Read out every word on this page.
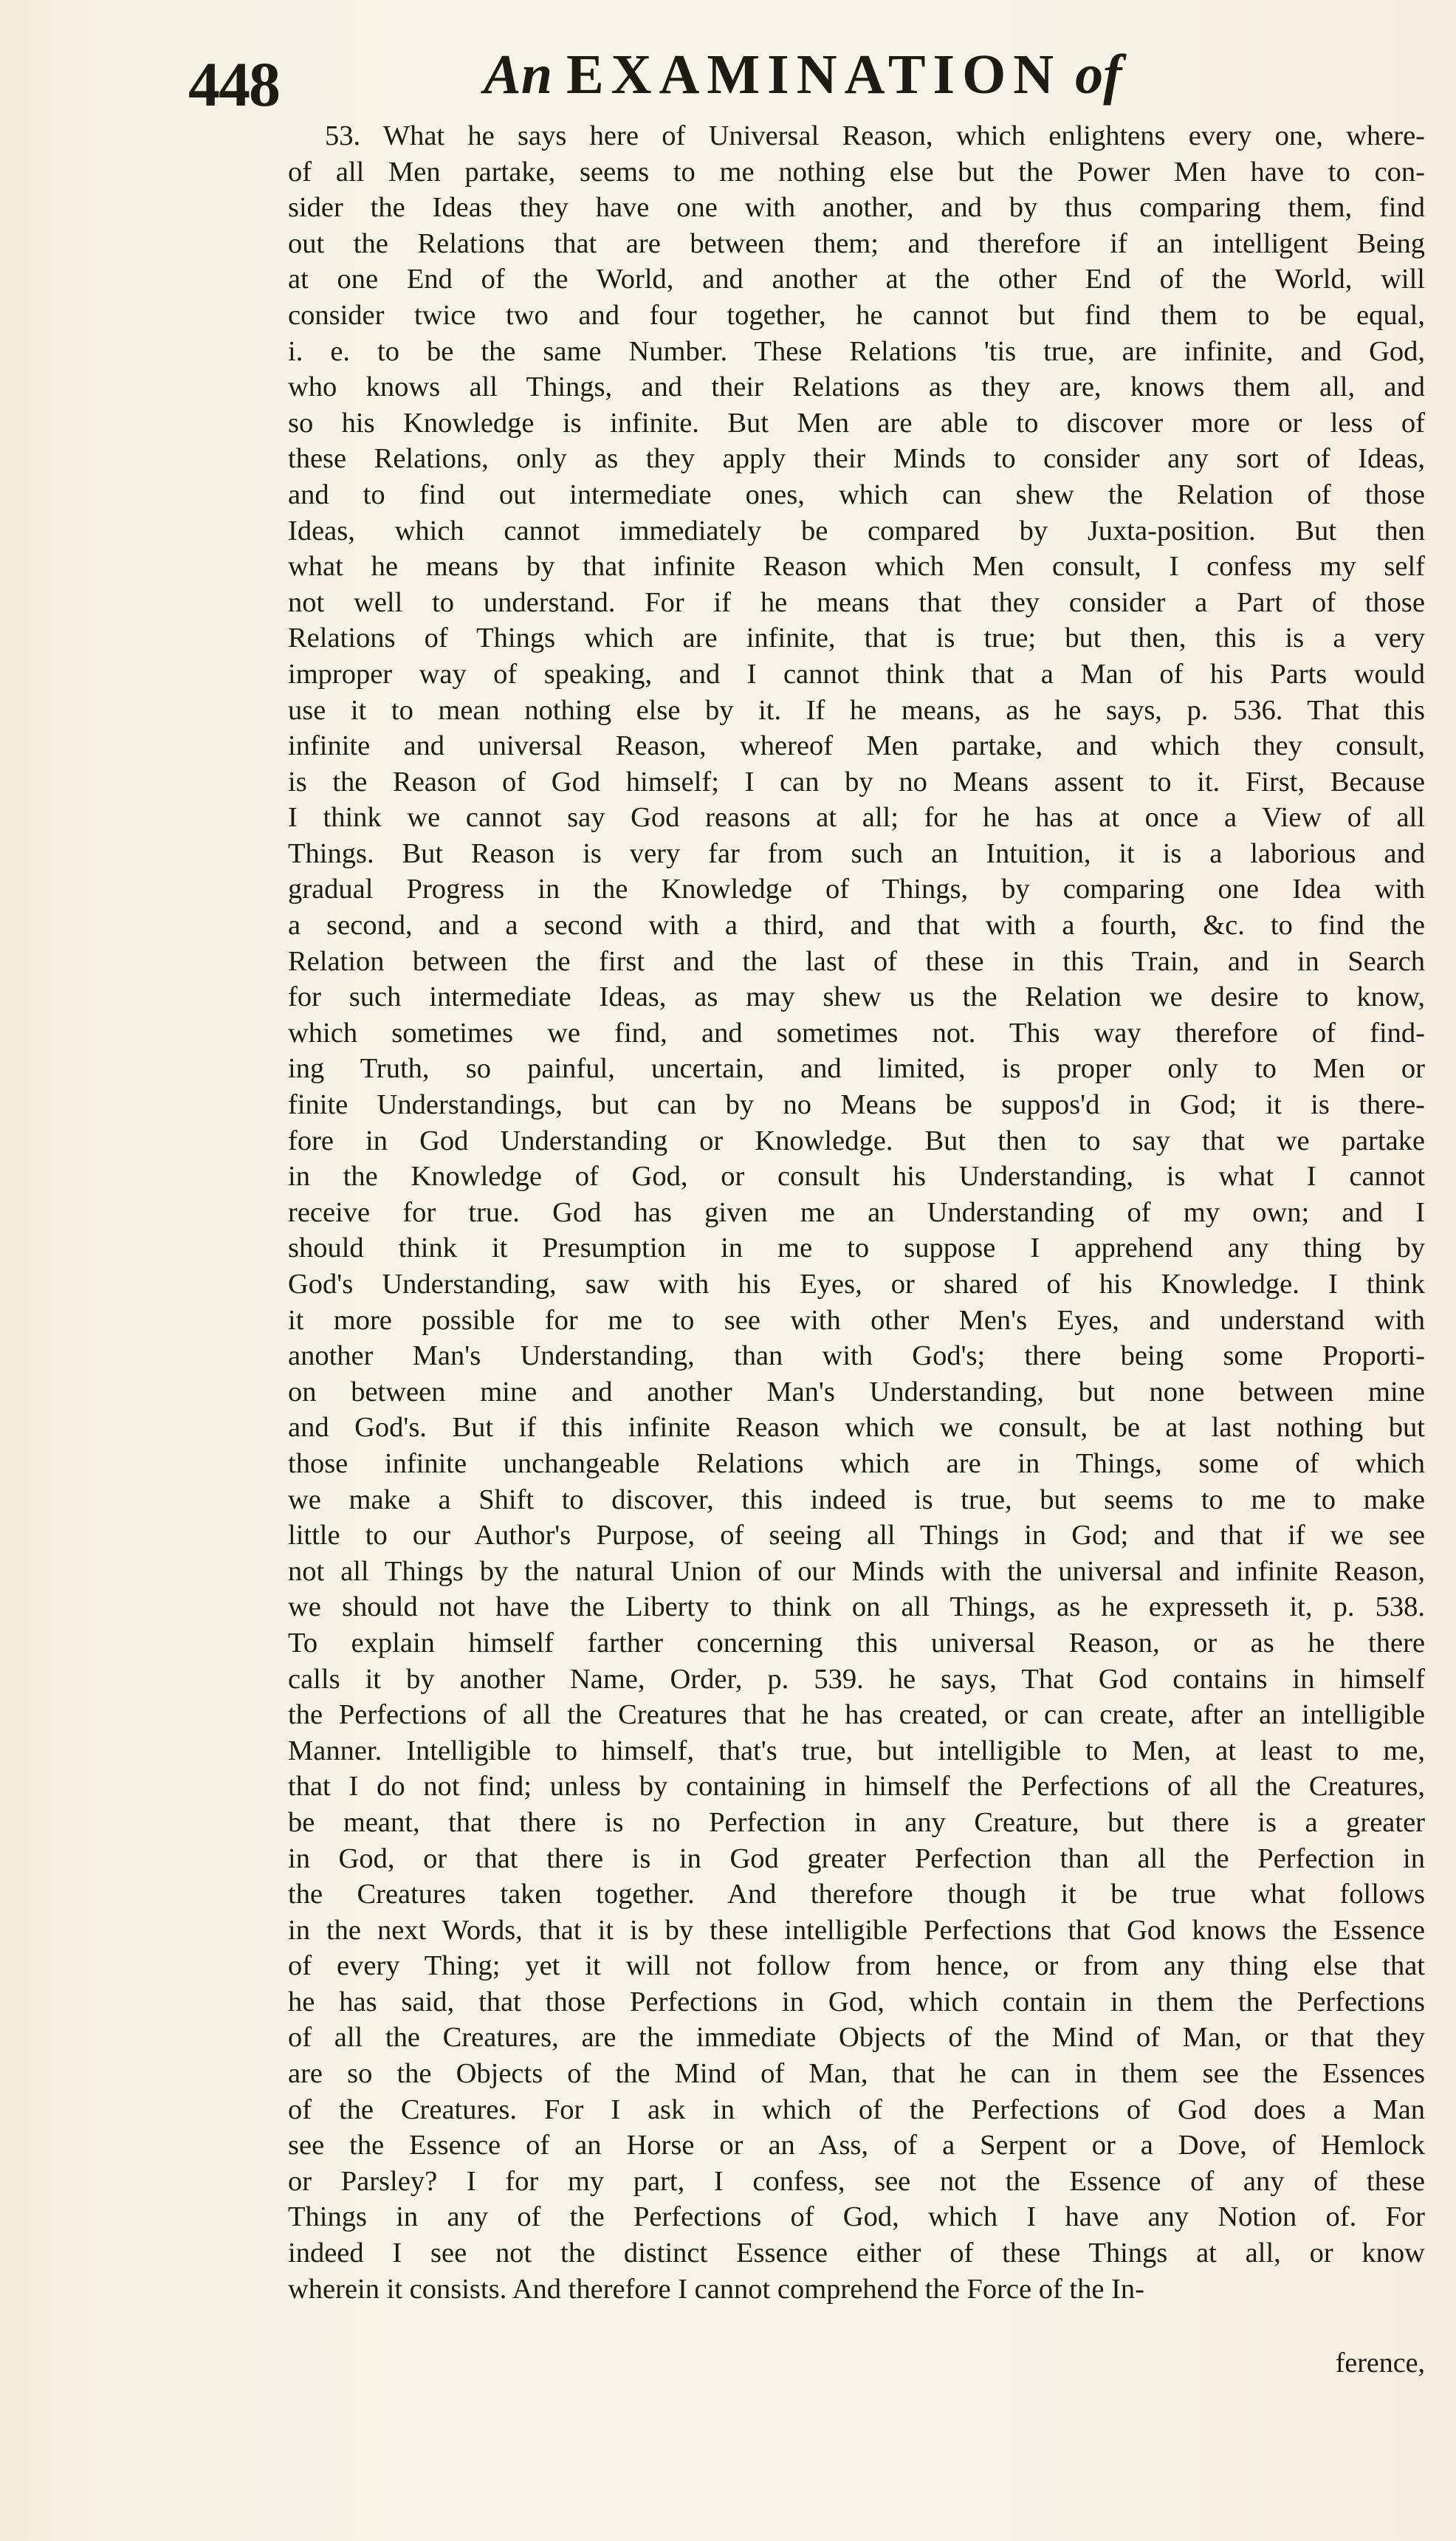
448	An EXAMINATION of
53. What he says here of Universal Reason, which enlightens every one, where-
of all Men partake, seems to me nothing else but the Power Men have to con-
sider the Ideas they have one with another, and by thus comparing them, find
out the Relations that are between them; and therefore if an intelligent Being
at one End of the World, and another at the other End of the World, will
consider twice two and four together, he cannot but find them to be equal,
i. e. to be the same Number. These Relations 'tis true, are infinite, and God,
who knows all Things, and their Relations as they are, knows them all, and
so his Knowledge is infinite. But Men are able to discover more or less of
these Relations, only as they apply their Minds to consider any sort of Ideas,
and to find out intermediate ones, which can shew the Relation of those
Ideas, which cannot immediately be compared by Juxta-position. But then
what he means by that infinite Reason which Men consult, I confess my self
not well to understand. For if he means that they consider a Part of those
Relations of Things which are infinite, that is true; but then, this is a very
improper way of speaking, and I cannot think that a Man of his Parts would
use it to mean nothing else by it. If he means, as he says, p. 536. That this
infinite and universal Reason, whereof Men partake, and which they consult,
is the Reason of God himself; I can by no Means assent to it. First, Because
I think we cannot say God reasons at all; for he has at once a View of all
Things. But Reason is very far from such an Intuition, it is a laborious and
gradual Progress in the Knowledge of Things, by comparing one Idea with
a second, and a second with a third, and that with a fourth, &c. to find the
Relation between the first and the last of these in this Train, and in Search
for such intermediate Ideas, as may shew us the Relation we desire to know,
which sometimes we find, and sometimes not. This way therefore of find-
ing Truth, so painful, uncertain, and limited, is proper only to Men or
finite Understandings, but can by no Means be suppos'd in God; it is there-
fore in God Understanding or Knowledge. But then to say that we partake
in the Knowledge of God, or consult his Understanding, is what I cannot
receive for true. God has given me an Understanding of my own; and I
should think it Presumption in me to suppose I apprehend any thing by
God's Understanding, saw with his Eyes, or shared of his Knowledge. I think
it more possible for me to see with other Men's Eyes, and understand with
another Man's Understanding, than with God's; there being some Proporti-
on between mine and another Man's Understanding, but none between mine
and God's. But if this infinite Reason which we consult, be at last nothing but
those infinite unchangeable Relations which are in Things, some of which
we make a Shift to discover, this indeed is true, but seems to me to make
little to our Author's Purpose, of seeing all Things in God; and that if we see
not all Things by the natural Union of our Minds with the universal and infinite Reason,
we should not have the Liberty to think on all Things, as he expresseth it, p. 538.
To explain himself farther concerning this universal Reason, or as he there
calls it by another Name, Order, p. 539. he says, That God contains in himself
the Perfections of all the Creatures that he has created, or can create, after an intelligible
Manner. Intelligible to himself, that's true, but intelligible to Men, at least to me,
that I do not find; unless by containing in himself the Perfections of all the Creatures,
be meant, that there is no Perfection in any Creature, but there is a greater
in God, or that there is in God greater Perfection than all the Perfection in
the Creatures taken together. And therefore though it be true what follows
in the next Words, that it is by these intelligible Perfections that God knows the Essence
of every Thing; yet it will not follow from hence, or from any thing else that
he has said, that those Perfections in God, which contain in them the Perfections
of all the Creatures, are the immediate Objects of the Mind of Man, or that they
are so the Objects of the Mind of Man, that he can in them see the Essences
of the Creatures. For I ask in which of the Perfections of God does a Man
see the Essence of an Horse or an Ass, of a Serpent or a Dove, of Hemlock
or Parsley? I for my part, I confess, see not the Essence of any of these
Things in any of the Perfections of God, which I have any Notion of. For
indeed I see not the distinct Essence either of these Things at all, or know
wherein it consists. And therefore I cannot comprehend the Force of the In-
ference,
